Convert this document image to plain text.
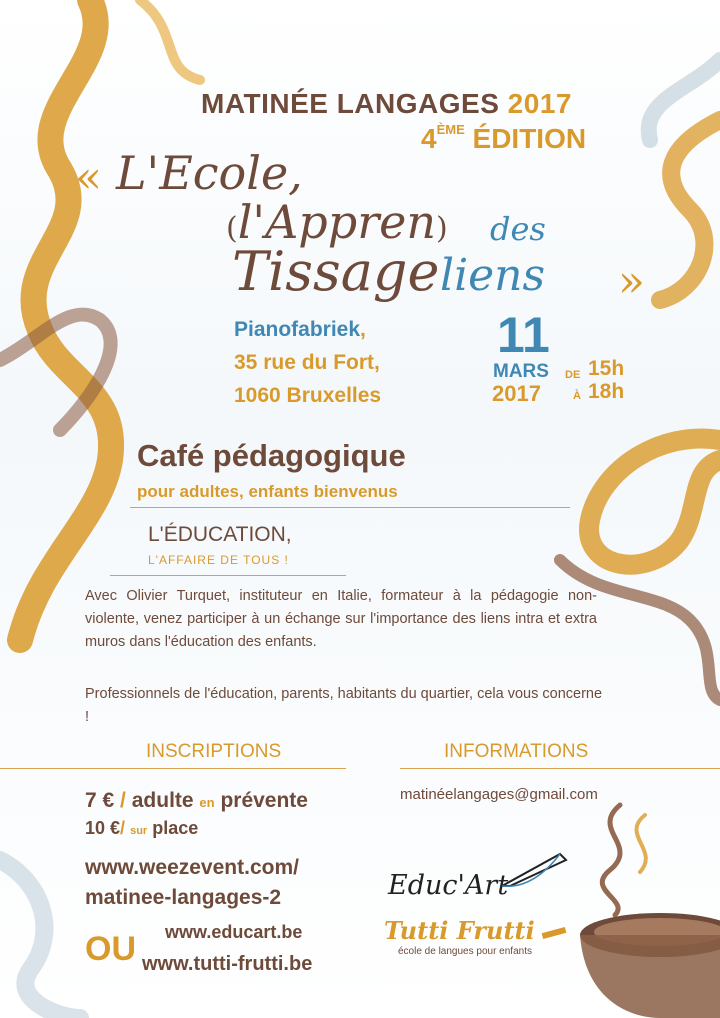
MATINÉE LANGAGES 2017
4ÈME ÉDITION
« L'Ecole,
(l'Appren) des
Tissage liens »
Pianofabriek,
35 rue du Fort,
1060 Bruxelles
11
MARS
2017
DE 15h
À 18h
Café pédagogique
pour adultes, enfants bienvenus
L'ÉDUCATION,
L'AFFAIRE DE TOUS !
Avec Olivier Turquet, instituteur en Italie, formateur à la pédagogie non-violente, venez participer à un échange sur l'importance des liens intra et extra muros dans l'éducation des enfants.
Professionnels de l'éducation, parents, habitants du quartier, cela vous concerne !
INSCRIPTIONS	INFORMATIONS
7 € / adulte en prévente
10 €/ sur place
www.weezevent.com/
matinee-langages-2
OU www.educart.be
www.tutti-frutti.be
matinéelangages@gmail.com
Educ'Art
Tutti Frutti
école de langues pour enfants
